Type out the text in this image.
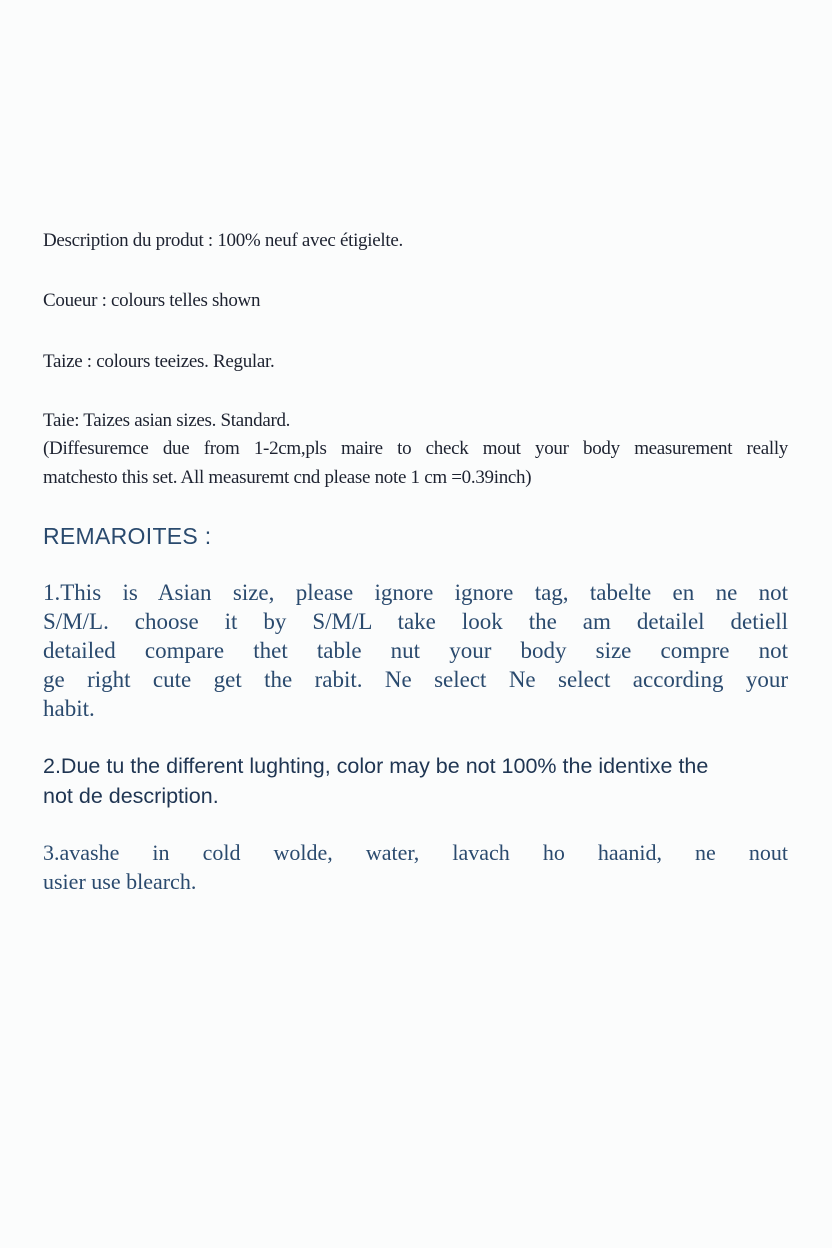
Description du produt : 100% neuf avec étigielte.
Coueur : colours telles shown
Taize : colours teeizes. Regular.
Taie: Taizes asian sizes. Standard.
(Diffesuremce due from 1-2cm,pls maire to check mout your body measurement really
matchesto this set. All measuremt cnd please note 1 cm =0.39inch)
REMAROITES :
1.This is Asian size, please ignore ignore tag, tabelte en ne not
S/M/L. choose it by S/M/L take look the am detailel detiell
detailed compare thet table nut your body size compre not
ge right cute get the rabit. Ne select Ne select according your
habit.
2.Due tu the different lughting, color may be not 100% the identixe the
not de description.
3.avashe in cold wolde, water, lavach ho haanid, ne nout
usier use blearch.
